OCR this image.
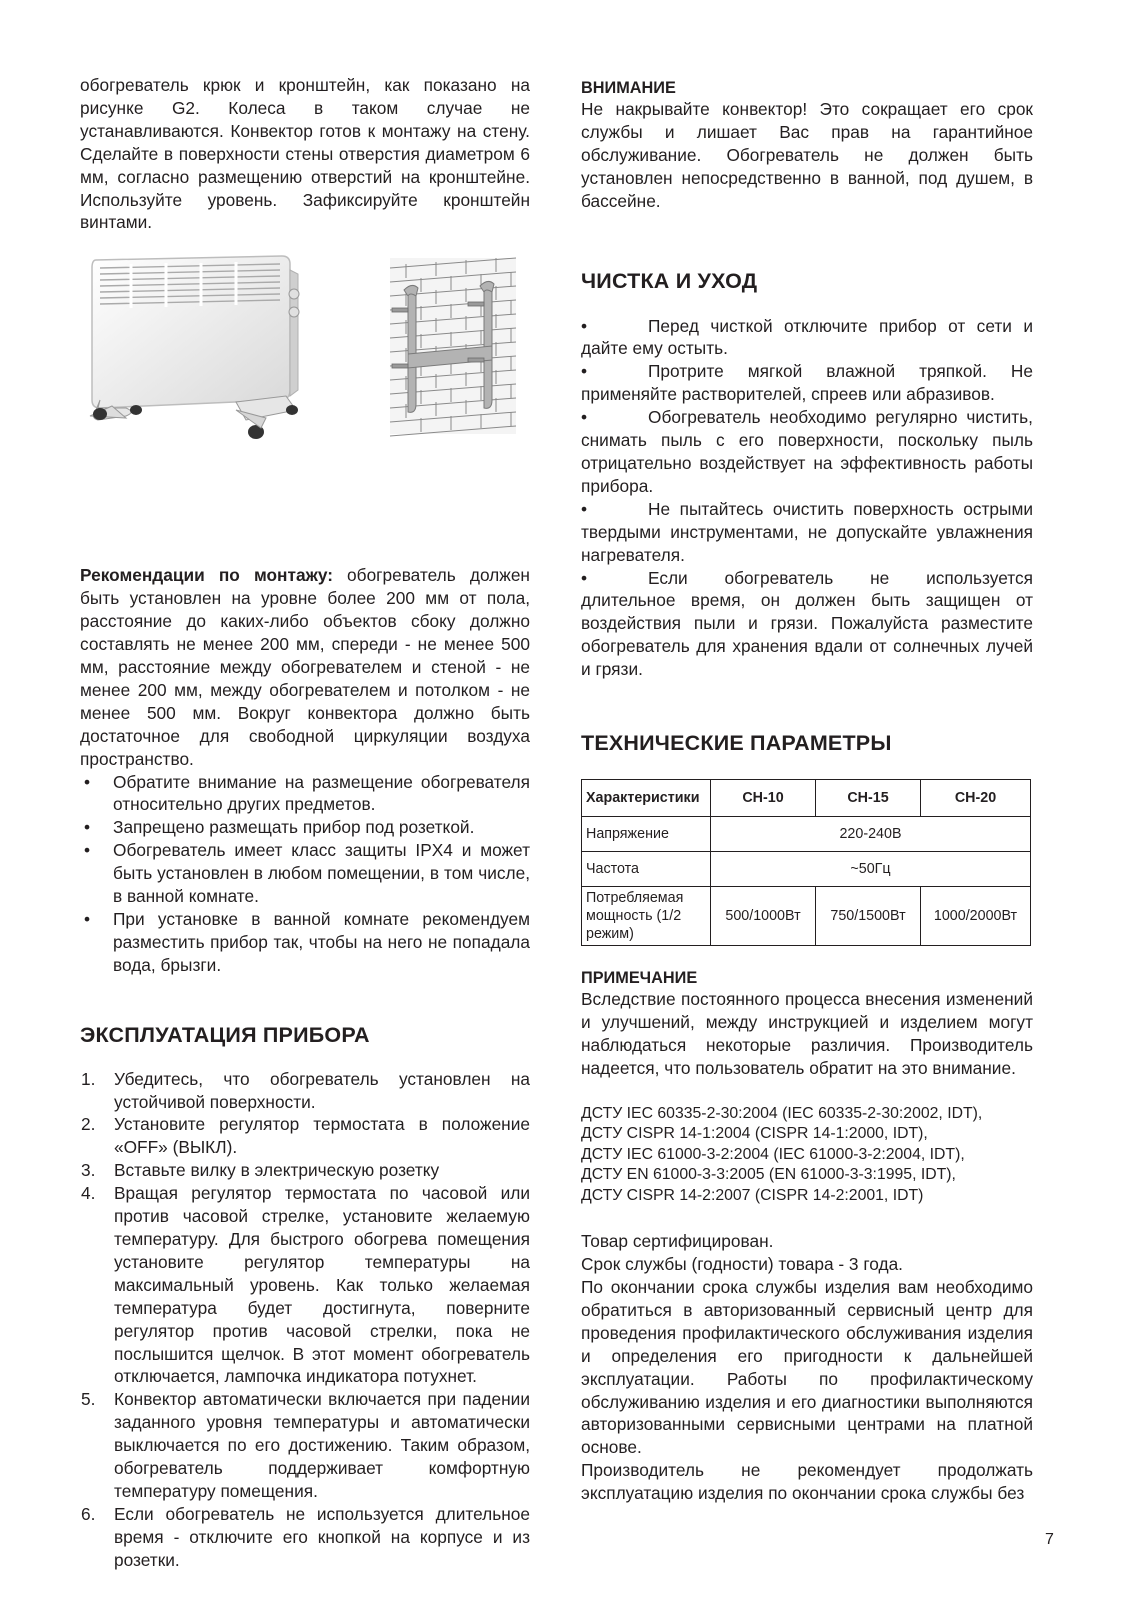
обогреватель крюк и кронштейн, как показано на рисунке G2. Колеса в таком случае не устанавливаются. Конвектор готов к монтажу на стену. Сделайте в поверхности стены отверстия диаметром 6 мм, согласно размещению отверстий на кронштейне. Используйте уровень. Зафиксируйте кронштейн винтами.

Рекомендации по монтажу: обогреватель должен быть установлен на уровне более 200 мм от пола, расстояние до каких-либо объектов сбоку должно составлять не менее 200 мм, спереди - не менее 500 мм, расстояние между обогревателем и стеной - не менее 200 мм, между обогревателем и потолком - не менее 500 мм. Вокруг конвектора должно быть достаточное для свободной циркуляции воздуха пространство.

• Обратите внимание на размещение обогревателя относительно других предметов.
• Запрещено размещать прибор под розеткой.
• Обогреватель имеет класс защиты IPX4 и может быть установлен в любом помещении, в том числе, в ванной комнате.
• При установке в ванной комнате рекомендуем разместить прибор так, чтобы на него не попадала вода, брызги.
ЭКСПЛУАТАЦИЯ ПРИБОРА
1. Убедитесь, что обогреватель установлен на устойчивой поверхности.
2. Установите регулятор термостата в положение «OFF» (ВЫКЛ).
3. Вставьте вилку в электрическую розетку
4. Вращая регулятор термостата по часовой или против часовой стрелке, установите желаемую температуру. Для быстрого обогрева помещения установите регулятор температуры на максимальный уровень. Как только желаемая температура будет достигнута, поверните регулятор против часовой стрелки, пока не послышится щелчок. В этот момент обогреватель отключается, лампочка индикатора потухнет.
5. Конвектор автоматически включается при падении заданного уровня температуры и автоматически выключается по его достижению. Таким образом, обогреватель поддерживает комфортную температуру помещения.
6. Если обогреватель не используется длительное время - отключите его кнопкой на корпусе и из розетки.
ВНИМАНИЕ

Не накрывайте конвектор! Это сокращает его срок службы и лишает Вас прав на гарантийное обслуживание. Обогреватель не должен быть установлен непосредственно в ванной, под душем, в бассейне.

ЧИСТКА И УХОД

•	Перед чисткой отключите прибор от сети и дайте ему остыть.

•	Протрите мягкой влажной тряпкой. Не применяйте растворителей, спреев или абразивов.

•	Обогреватель необходимо регулярно чистить, снимать пыль с его поверхности, поскольку пыль отрицательно воздействует на эффективность работы прибора.

•	Не пытайтесь очистить поверхность острыми твердыми инструментами, не допускайте увлажнения нагревателя.

•	Если обогреватель не используется длительное время, он должен быть защищен от воздействия пыли и грязи. Пожалуйста разместите обогреватель для хранения вдали от солнечных лучей и грязи.

ТЕХНИЧЕСКИЕ ПАРАМЕТРЫ
Характеристики	CH-10	CH-15	CH-20
Напряжение	220-240В		
Частота	~50Гц		
Потребляемая мощность (1/2 режим)	500/1000Вт	750/1500Вт	1000/2000Вт
ПРИМЕЧАНИЕ

Вследствие постоянного процесса внесения изменений и улучшений, между инструкцией и изделием могут наблюдаться некоторые различия. Производитель надеется, что пользователь обратит на это внимание.

ДСТУ IEC 60335-2-30:2004 (IEC 60335-2-30:2002, IDT),

ДСТУ CISPR 14-1:2004 (CISPR 14-1:2000, IDT),

ДСТУ IEC 61000-3-2:2004 (IEC 61000-3-2:2004, IDT),

ДСТУ EN 61000-3-3:2005 (EN 61000-3-3:1995, IDT),

ДСТУ CISPR 14-2:2007 (CISPR 14-2:2001, IDT)

Товар сертифицирован.

Срок службы (годности) товара - 3 года.

По окончании срока службы изделия вам необходимо обратиться в авторизованный сервисный центр для проведения профилактического обслуживания изделия и определения его пригодности к дальнейшей эксплуатации. Работы по профилактическому обслуживанию изделия и его диагностики выполняются авторизованными сервисными центрами на платной основе.

Производитель не рекомендует продолжать эксплуатацию изделия по окончании срока службы без

7
